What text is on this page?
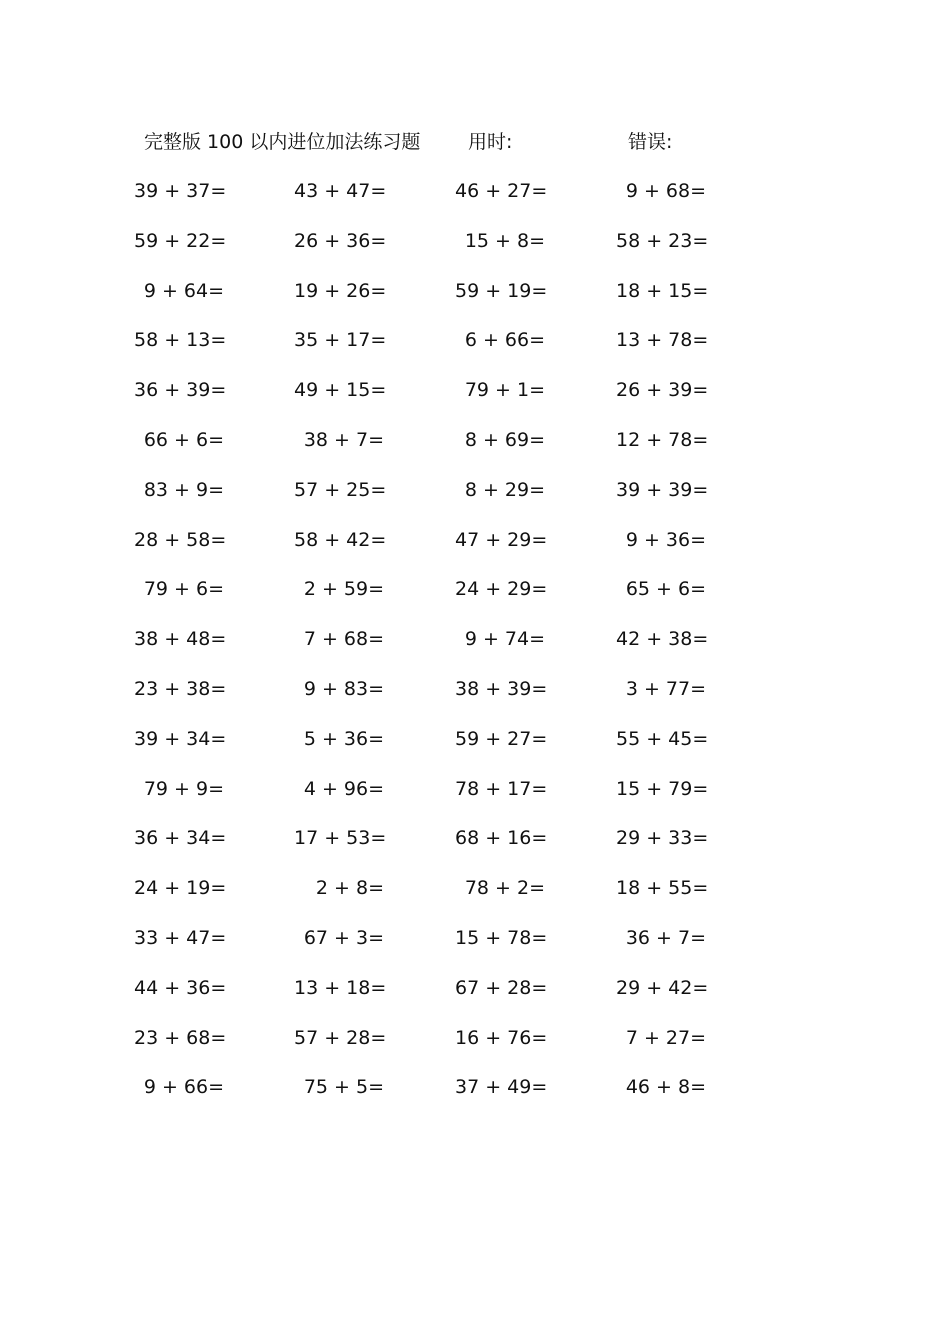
完整版 100 以内进位加法练习题	用时:	错误:
39 + 37=	43 + 47=	46 + 27=	9 + 68=
59 + 22=	26 + 36=	15 + 8=	58 + 23=
9 + 64=	19 + 26=	59 + 19=	18 + 15=
58 + 13=	35 + 17=	6 + 66=	13 + 78=
36 + 39=	49 + 15=	79 + 1=	26 + 39=
66 + 6=	38 + 7=	8 + 69=	12 + 78=
83 + 9=	57 + 25=	8 + 29=	39 + 39=
28 + 58=	58 + 42=	47 + 29=	9 + 36=
79 + 6=	2 + 59=	24 + 29=	65 + 6=
38 + 48=	7 + 68=	9 + 74=	42 + 38=
23 + 38=	9 + 83=	38 + 39=	3 + 77=
39 + 34=	5 + 36=	59 + 27=	55 + 45=
79 + 9=	4 + 96=	78 + 17=	15 + 79=
36 + 34=	17 + 53=	68 + 16=	29 + 33=
24 + 19=	2 + 8=	78 + 2=	18 + 55=
33 + 47=	67 + 3=	15 + 78=	36 + 7=
44 + 36=	13 + 18=	67 + 28=	29 + 42=
23 + 68=	57 + 28=	16 + 76=	7 + 27=
9 + 66=	75 + 5=	37 + 49=	46 + 8=
